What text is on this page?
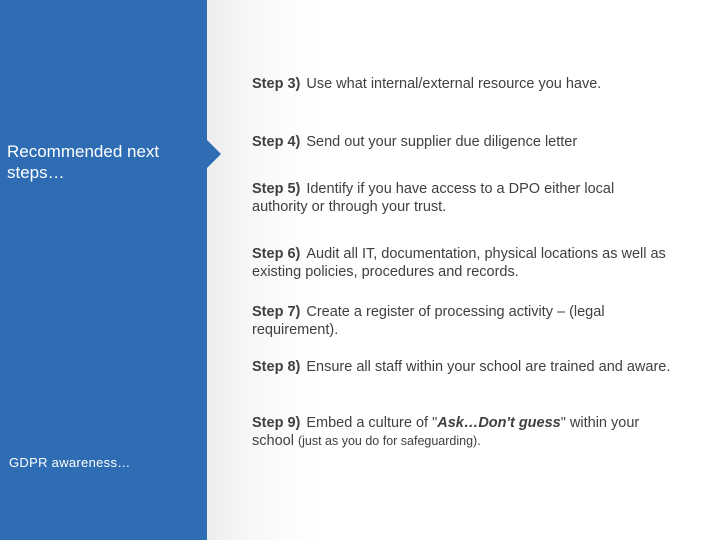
Recommended next steps…
GDPR awareness…
Step 3) Use what internal/external resource you have.
Step 4) Send out your supplier due diligence letter
Step 5) Identify if you have access to a DPO either local authority or through your trust.
Step 6) Audit all IT, documentation, physical locations as well as existing policies, procedures and records.
Step 7) Create a register of processing activity – (legal requirement).
Step 8) Ensure all staff within your school are trained and aware.
Step 9) Embed a culture of "Ask…Don't guess" within your school (just as you do for safeguarding).
